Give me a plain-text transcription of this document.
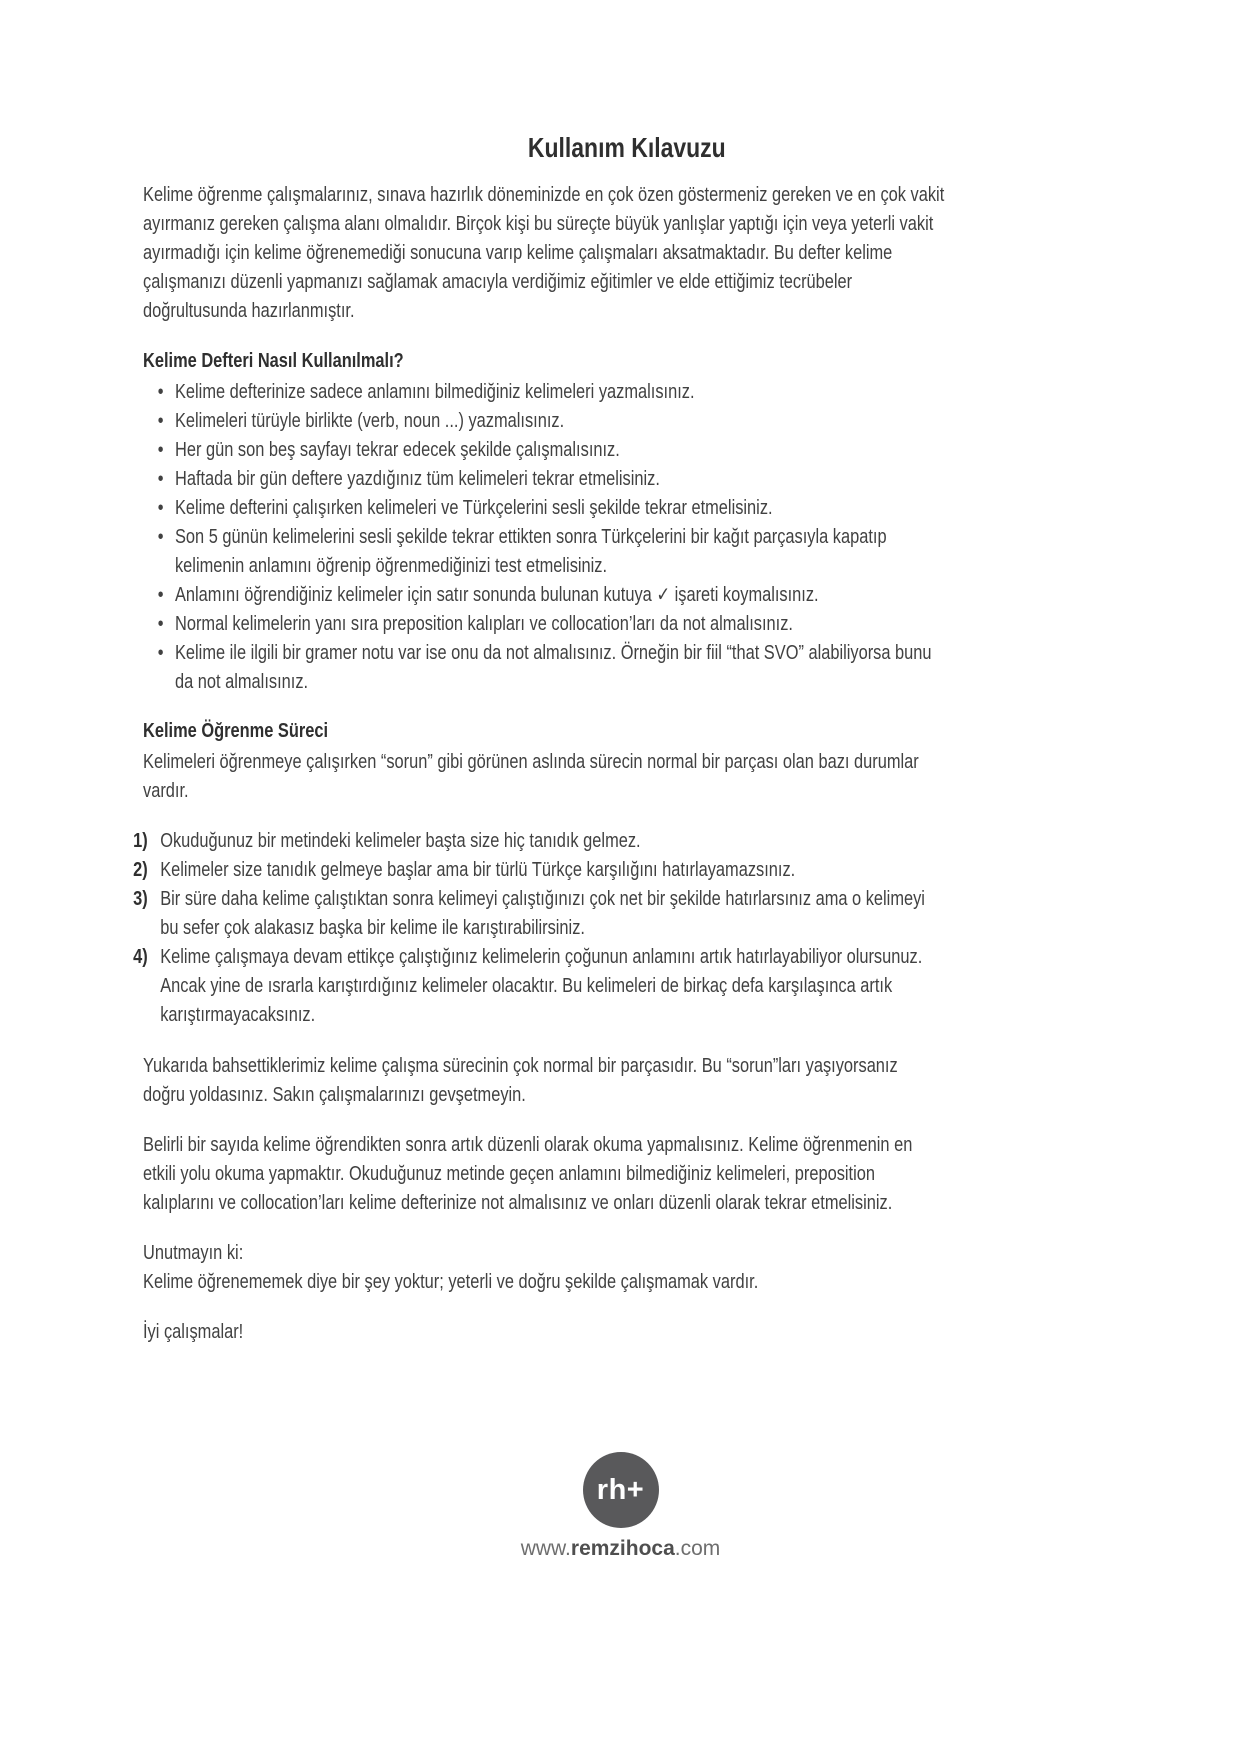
Kullanım Kılavuzu
Kelime öğrenme çalışmalarınız, sınava hazırlık döneminizde en çok özen göstermeniz gereken ve en çok vakit
ayırmanız gereken çalışma alanı olmalıdır. Birçok kişi bu süreçte büyük yanlışlar yaptığı için veya yeterli vakit
ayırmadığı için kelime öğrenemediği sonucuna varıp kelime çalışmaları aksatmaktadır. Bu defter kelime
çalışmanızı düzenli yapmanızı sağlamak amacıyla verdiğimiz eğitimler ve elde ettiğimiz tecrübeler
doğrultusunda hazırlanmıştır.
Kelime Defteri Nasıl Kullanılmalı?
• Kelime defterinize sadece anlamını bilmediğiniz kelimeleri yazmalısınız.
• Kelimeleri türüyle birlikte (verb, noun ...) yazmalısınız.
• Her gün son beş sayfayı tekrar edecek şekilde çalışmalısınız.
• Haftada bir gün deftere yazdığınız tüm kelimeleri tekrar etmelisiniz.
• Kelime defterini çalışırken kelimeleri ve Türkçelerini sesli şekilde tekrar etmelisiniz.
• Son 5 günün kelimelerini sesli şekilde tekrar ettikten sonra Türkçelerini bir kağıt parçasıyla kapatıp
kelimenin anlamını öğrenip öğrenmediğinizi test etmelisiniz.
• Anlamını öğrendiğiniz kelimeler için satır sonunda bulunan kutuya ✓ işareti koymalısınız.
• Normal kelimelerin yanı sıra preposition kalıpları ve collocation’ları da not almalısınız.
• Kelime ile ilgili bir gramer notu var ise onu da not almalısınız. Örneğin bir fiil “that SVO” alabiliyorsa bunu
da not almalısınız.
Kelime Öğrenme Süreci
Kelimeleri öğrenmeye çalışırken “sorun” gibi görünen aslında sürecin normal bir parçası olan bazı durumlar
vardır.
1) Okuduğunuz bir metindeki kelimeler başta size hiç tanıdık gelmez.
2) Kelimeler size tanıdık gelmeye başlar ama bir türlü Türkçe karşılığını hatırlayamazsınız.
3) Bir süre daha kelime çalıştıktan sonra kelimeyi çalıştığınızı çok net bir şekilde hatırlarsınız ama o kelimeyi
bu sefer çok alakasız başka bir kelime ile karıştırabilirsiniz.
4) Kelime çalışmaya devam ettikçe çalıştığınız kelimelerin çoğunun anlamını artık hatırlayabiliyor olursunuz.
Ancak yine de ısrarla karıştırdığınız kelimeler olacaktır. Bu kelimeleri de birkaç defa karşılaşınca artık
karıştırmayacaksınız.
Yukarıda bahsettiklerimiz kelime çalışma sürecinin çok normal bir parçasıdır. Bu “sorun”ları yaşıyorsanız
doğru yoldasınız. Sakın çalışmalarınızı gevşetmeyin.
Belirli bir sayıda kelime öğrendikten sonra artık düzenli olarak okuma yapmalısınız. Kelime öğrenmenin en
etkili yolu okuma yapmaktır. Okuduğunuz metinde geçen anlamını bilmediğiniz kelimeleri, preposition
kalıplarını ve collocation’ları kelime defterinize not almalısınız ve onları düzenli olarak tekrar etmelisiniz.
Unutmayın ki:
Kelime öğrenememek diye bir şey yoktur; yeterli ve doğru şekilde çalışmamak vardır.
İyi çalışmalar!
rh+
www.remzihoca.com
